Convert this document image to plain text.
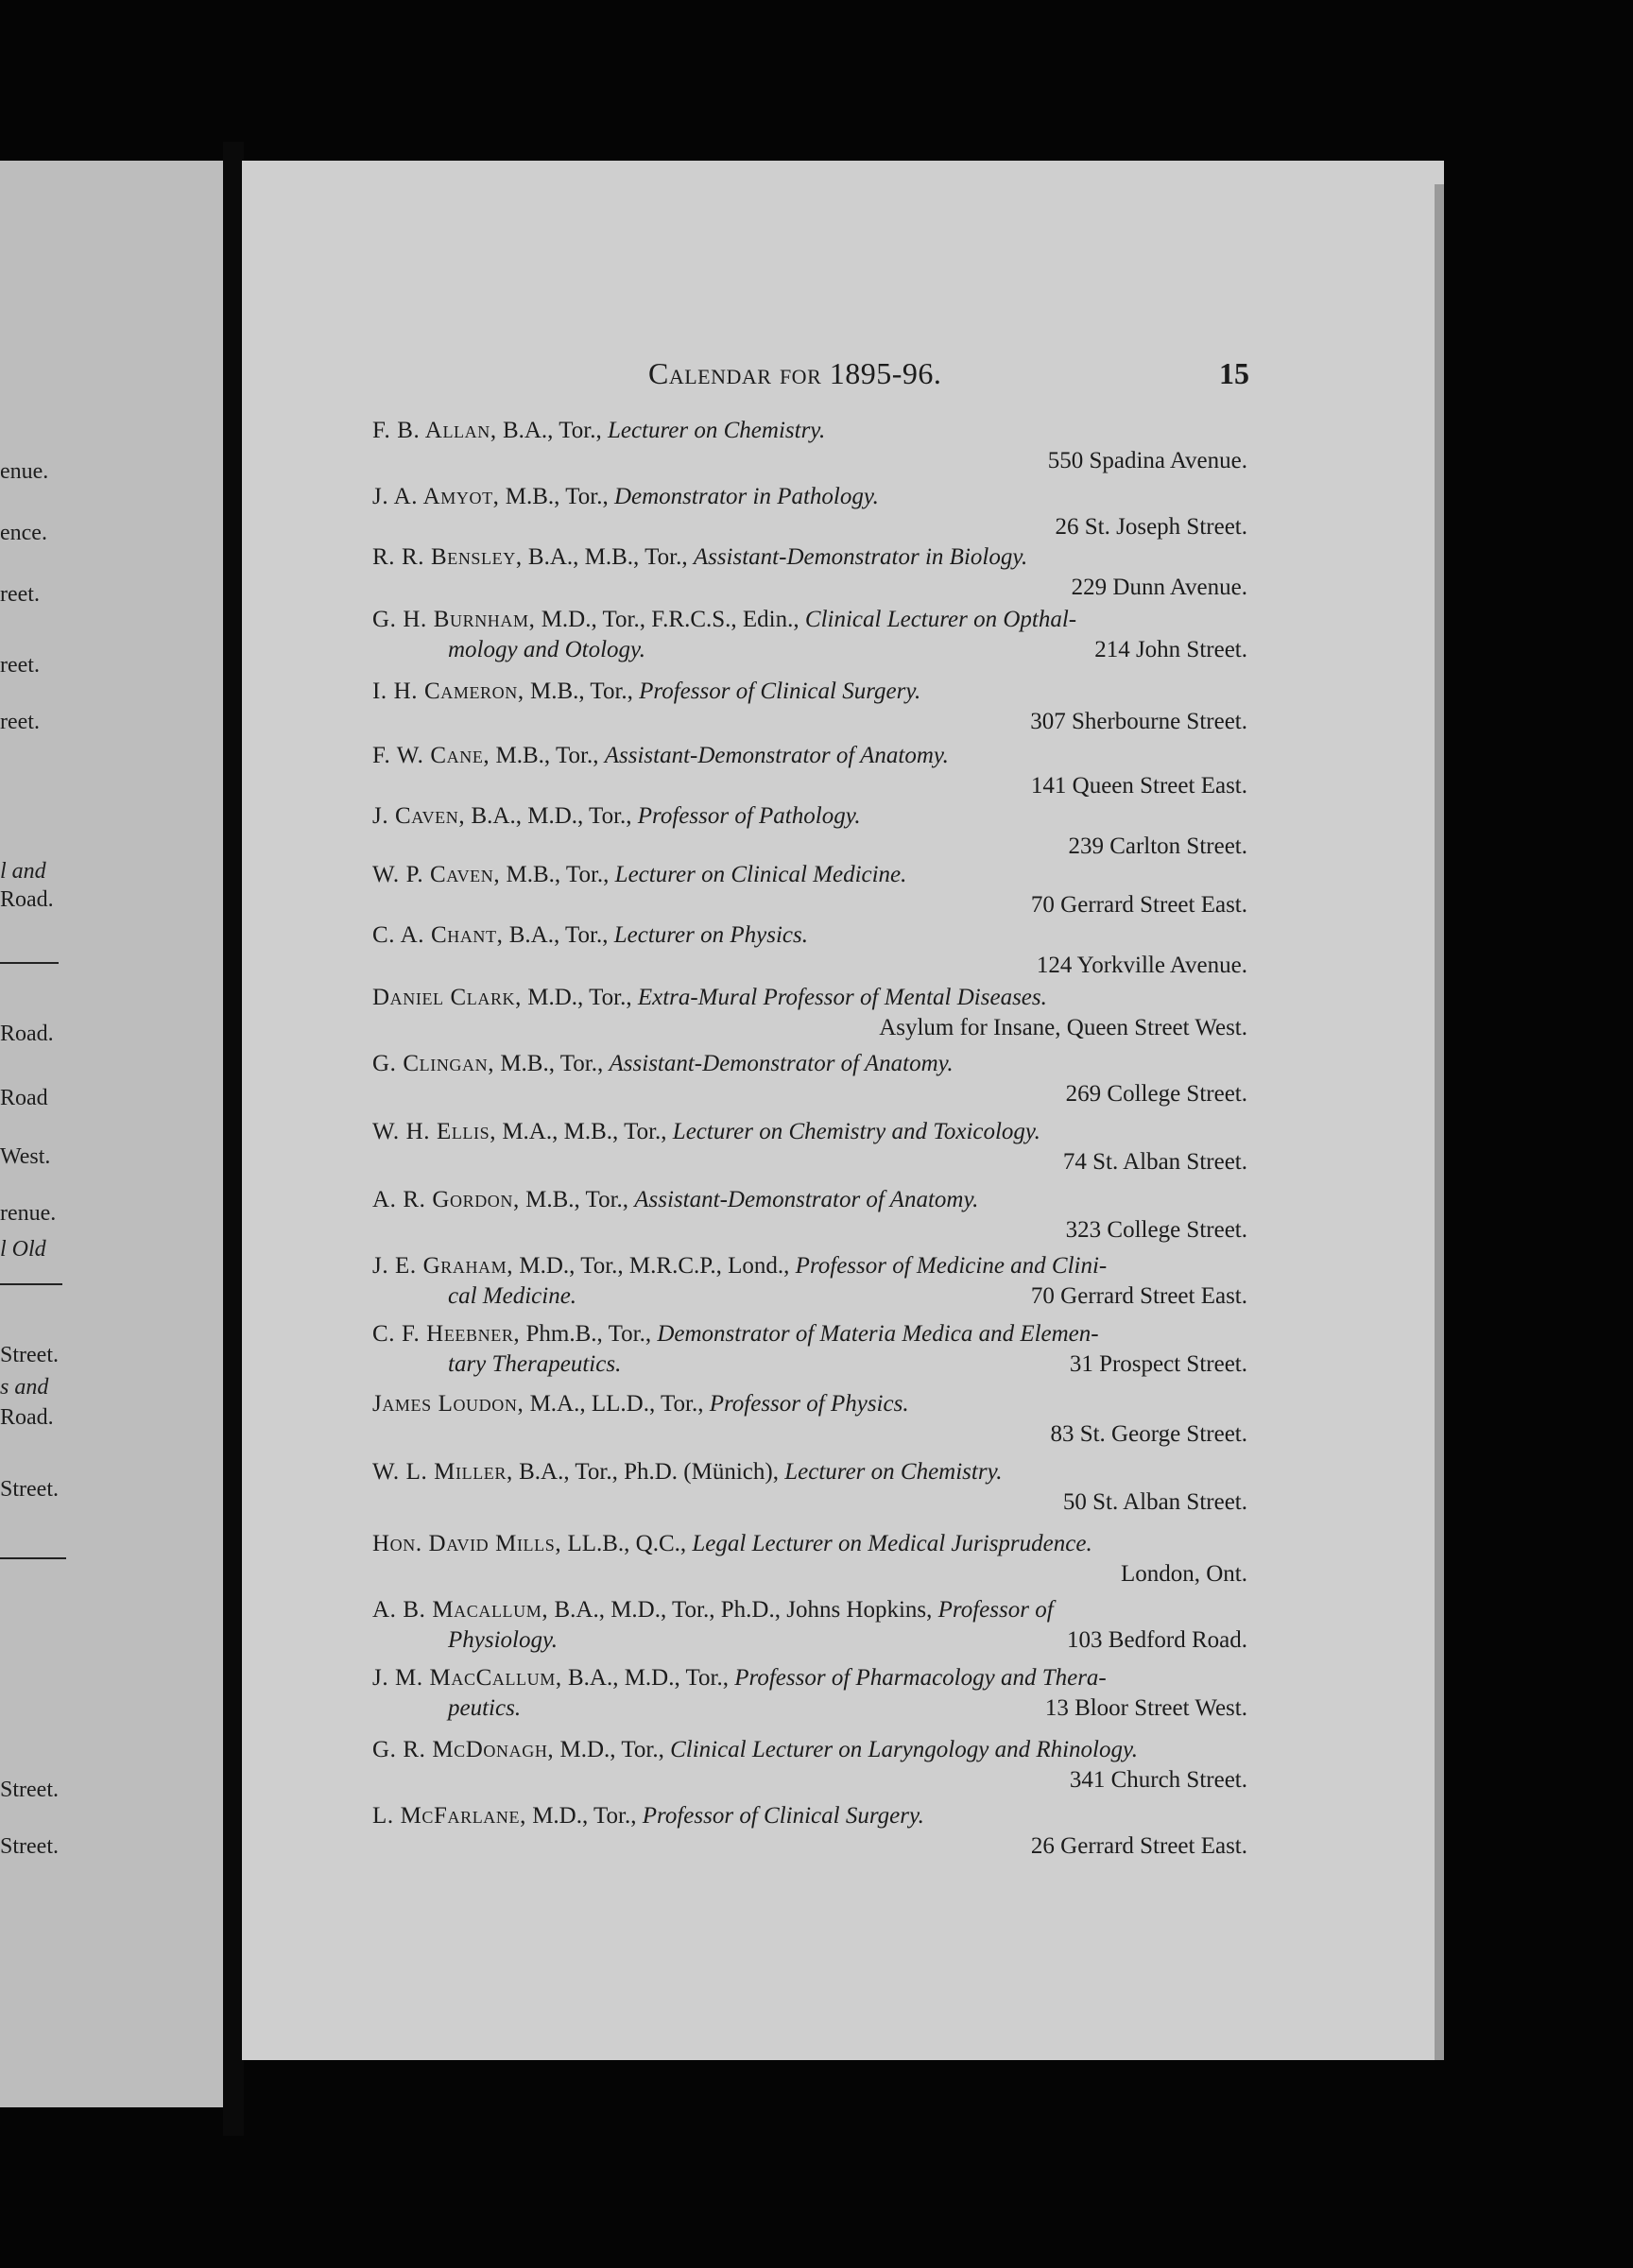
enue.
ence.
reet.
reet.
reet.
l and
Road.
Road.
Road
West.
renue.
l Old
Street.
s and
Road.
Street.
Street.
Street.
Calendar for 1895-96.	15
F. B. Allan, B.A., Tor., Lecturer on Chemistry.
550 Spadina Avenue.
J. A. Amyot, M.B., Tor., Demonstrator in Pathology.
26 St. Joseph Street.
R. R. Bensley, B.A., M.B., Tor., Assistant-Demonstrator in Biology.
229 Dunn Avenue.
G. H. Burnham, M.D., Tor., F.R.C.S., Edin., Clinical Lecturer on Opthal-
214 John Street.
mology and Otology.
I. H. Cameron, M.B., Tor., Professor of Clinical Surgery.
307 Sherbourne Street.
F. W. Cane, M.B., Tor., Assistant-Demonstrator of Anatomy.
141 Queen Street East.
J. Caven, B.A., M.D., Tor., Professor of Pathology.
239 Carlton Street.
W. P. Caven, M.B., Tor., Lecturer on Clinical Medicine.
70 Gerrard Street East.
C. A. Chant, B.A., Tor., Lecturer on Physics.
124 Yorkville Avenue.
Daniel Clark, M.D., Tor., Extra-Mural Professor of Mental Diseases.
Asylum for Insane, Queen Street West.
G. Clingan, M.B., Tor., Assistant-Demonstrator of Anatomy.
269 College Street.
W. H. Ellis, M.A., M.B., Tor., Lecturer on Chemistry and Toxicology.
74 St. Alban Street.
A. R. Gordon, M.B., Tor., Assistant-Demonstrator of Anatomy.
323 College Street.
J. E. Graham, M.D., Tor., M.R.C.P., Lond., Professor of Medicine and Clini-
70 Gerrard Street East.
cal Medicine.
C. F. Heebner, Phm.B., Tor., Demonstrator of Materia Medica and Elemen-
31 Prospect Street.
tary Therapeutics.
James Loudon, M.A., LL.D., Tor., Professor of Physics.
83 St. George Street.
W. L. Miller, B.A., Tor., Ph.D. (Münich), Lecturer on Chemistry.
50 St. Alban Street.
Hon. David Mills, LL.B., Q.C., Legal Lecturer on Medical Jurisprudence.
London, Ont.
A. B. Macallum, B.A., M.D., Tor., Ph.D., Johns Hopkins, Professor of
103 Bedford Road.
Physiology.
J. M. MacCallum, B.A., M.D., Tor., Professor of Pharmacology and Thera-
13 Bloor Street West.
peutics.
G. R. McDonagh, M.D., Tor., Clinical Lecturer on Laryngology and Rhinology.
341 Church Street.
L. McFarlane, M.D., Tor., Professor of Clinical Surgery.
26 Gerrard Street East.
